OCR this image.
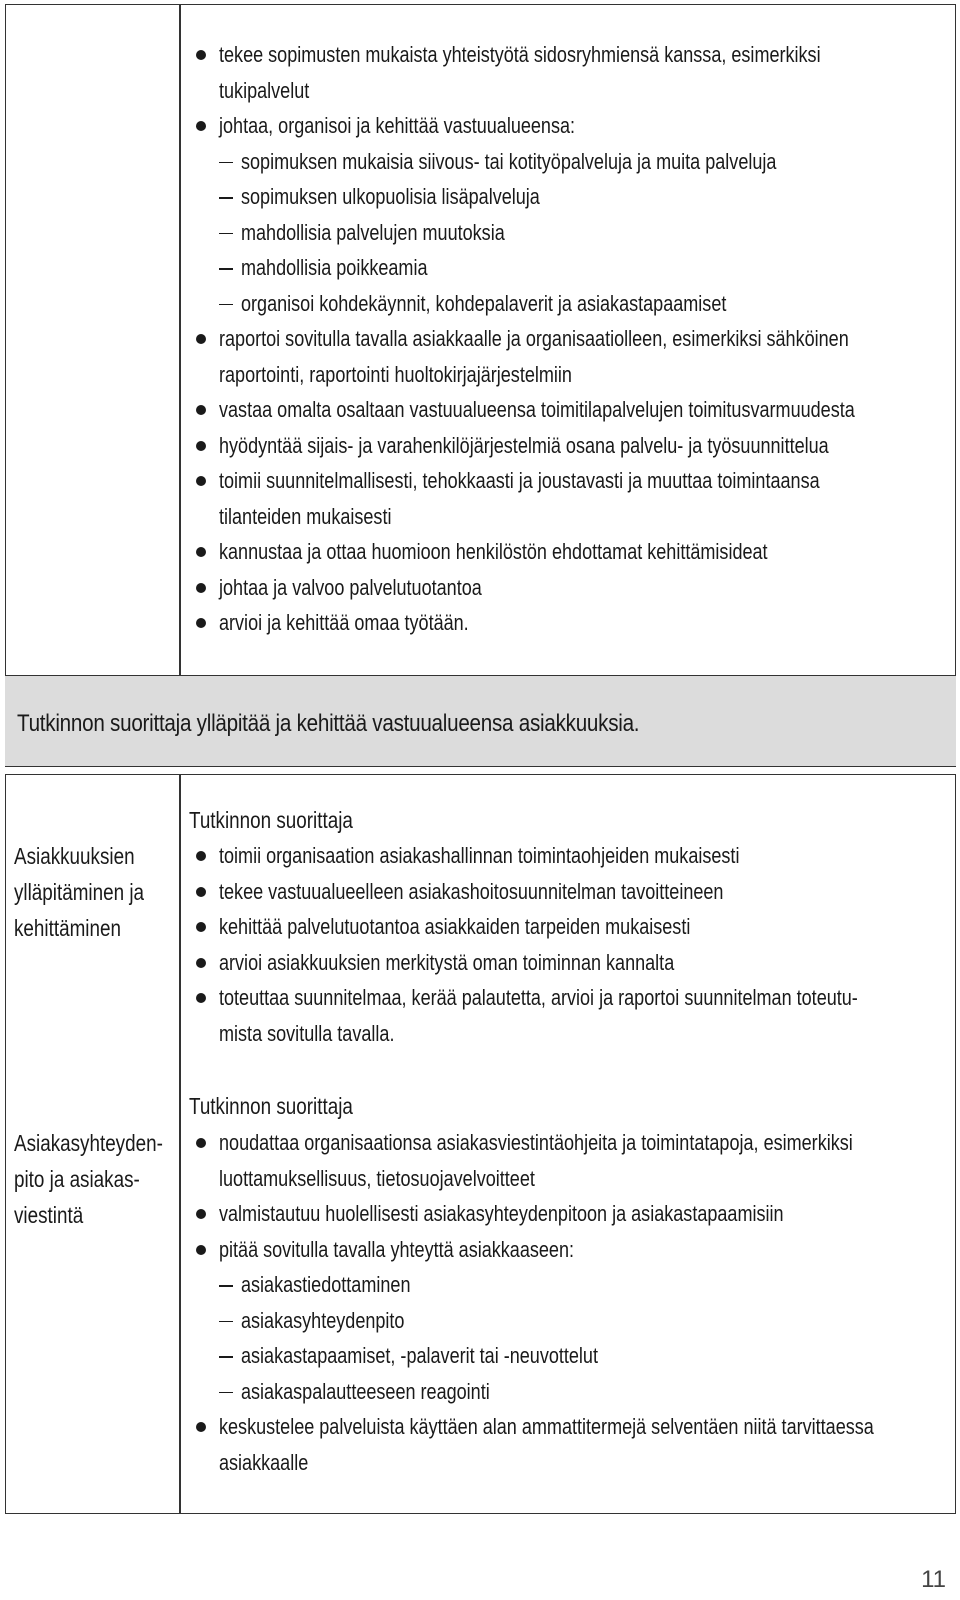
tekee sopimusten mukaista yhteistyötä sidosryhmiensä kanssa, esimerkiksi
tukipalvelut
johtaa, organisoi ja kehittää vastuualueensa:
sopimuksen mukaisia siivous- tai kotityöpalveluja ja muita palveluja
sopimuksen ulkopuolisia lisäpalveluja
mahdollisia palvelujen muutoksia
mahdollisia poikkeamia
organisoi kohdekäynnit, kohdepalaverit ja asiakastapaamiset
raportoi sovitulla tavalla asiakkaalle ja organisaatiolleen, esimerkiksi sähköinen
raportointi, raportointi huoltokirjajärjestelmiin
vastaa omalta osaltaan vastuualueensa toimitilapalvelujen toimitusvarmuudesta
hyödyntää sijais- ja varahenkilöjärjestelmiä osana palvelu- ja työsuunnittelua
toimii suunnitelmallisesti, tehokkaasti ja joustavasti ja muuttaa toimintaansa
tilanteiden mukaisesti
kannustaa ja ottaa huomioon henkilöstön ehdottamat kehittämisideat
johtaa ja valvoo palvelutuotantoa
arvioi ja kehittää omaa työtään.
Tutkinnon suorittaja ylläpitää ja kehittää vastuualueensa asiakkuuksia.
Asiakkuuksien
ylläpitäminen ja
kehittäminen
Tutkinnon suorittaja
toimii organisaation asiakashallinnan toimintaohjeiden mukaisesti
tekee vastuualueelleen asiakashoitosuunnitelman tavoitteineen
kehittää palvelutuotantoa asiakkaiden tarpeiden mukaisesti
arvioi asiakkuuksien merkitystä oman toiminnan kannalta
toteuttaa suunnitelmaa, kerää palautetta, arvioi ja raportoi suunnitelman toteutu-
mista sovitulla tavalla.
Asiakasyhteyden-
pito ja asiakas-
viestintä
Tutkinnon suorittaja
noudattaa organisaationsa asiakasviestintäohjeita ja toimintatapoja, esimerkiksi
luottamuksellisuus, tietosuojavelvoitteet
valmistautuu huolellisesti asiakasyhteydenpitoon ja asiakastapaamisiin
pitää sovitulla tavalla yhteyttä asiakkaaseen:
asiakastiedottaminen
asiakasyhteydenpito
asiakastapaamiset, -palaverit tai -neuvottelut
asiakaspalautteeseen reagointi
keskustelee palveluista käyttäen alan ammattitermejä selventäen niitä tarvittaessa
asiakkaalle
11
